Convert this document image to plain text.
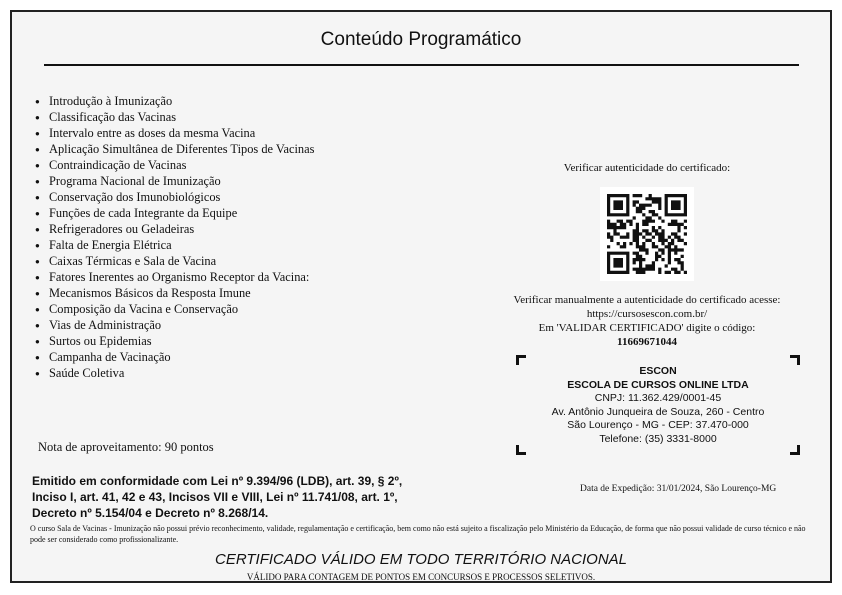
Conteúdo Programático
● Introdução à Imunização
● Classificação das Vacinas
● Intervalo entre as doses da mesma Vacina
● Aplicação Simultânea de Diferentes Tipos de Vacinas
● Contraindicação de Vacinas
● Programa Nacional de Imunização
● Conservação dos Imunobiológicos
● Funções de cada Integrante da Equipe
● Refrigeradores ou Geladeiras
● Falta de Energia Elétrica
● Caixas Térmicas e Sala de Vacina
● Fatores Inerentes ao Organismo Receptor da Vacina:
● Mecanismos Básicos da Resposta Imune
● Composição da Vacina e Conservação
● Vias de Administração
● Surtos ou Epidemias
● Campanha de Vacinação
● Saúde Coletiva
Nota de aproveitamento: 90 pontos
Verificar autenticidade do certificado:
Verificar manualmente a autenticidade do certificado acesse:
https://cursosescon.com.br/
Em 'VALIDAR CERTIFICADO' digite o código:
11669671044
ESCON
ESCOLA DE CURSOS ONLINE LTDA
CNPJ: 11.362.429/0001-45
Av. Antônio Junqueira de Souza, 260 - Centro
São Lourenço - MG - CEP: 37.470-000
Telefone: (35) 3331-8000
Emitido em conformidade com Lei nº 9.394/96 (LDB), art. 39, § 2º,
Inciso I, art. 41, 42 e 43, Incisos VII e VIII, Lei nº 11.741/08, art. 1º,
Decreto nº 5.154/04 e Decreto nº 8.268/14.
Data de Expedição: 31/01/2024, São Lourenço-MG
O curso Sala de Vacinas - Imunização não possui prévio reconhecimento, validade, regulamentação e certificação, bem como não está sujeito a fiscalização pelo Ministério da Educação, de forma que não possui validade de curso técnico e não pode ser considerado como profissionalizante.
CERTIFICADO VÁLIDO EM TODO TERRITÓRIO NACIONAL
VÁLIDO PARA CONTAGEM DE PONTOS EM CONCURSOS E PROCESSOS SELETIVOS.
